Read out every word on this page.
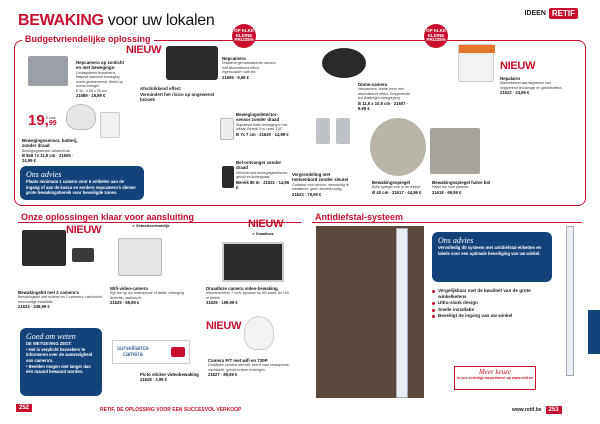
BEWAKING voor uw lokalen	IDEEN RETIF
Budgetvriendelijke oplossing
OP ELKE
KLEINE
PRIJZEN
OP ELKE
KLEINE
PRIJZEN
Nepcamera op zonlicht en met bewegings-
Lichtsysteem ledcamera, flitspunt wanneer beweging wordt gedetecteerd. Werkt op zonne-energie.
€ 32,- x 60 x 25 cm
21589 · 19,99 €
NIEUW
19,99
€ stuk
Bewegingssensor, batterij, zonder draad
Bewegingssensor ultralicht ab.
B 8x8 7x 11,8 cm · 21605 · 24,99 €
Afschrikkend effect
Vermindert het risico op ongewenst bezoek
Nepcamera
Draaiend gemotoriseerde camera met afschrikkend effect, ingebouwde rode led.
21606 · 9,99 €
Bewegingsdetector-sensor zonder draad
Signaleert ieder beweging in het lokaal. Bereik 9 m, hoek 110°.
B 7x 7 cm · 21620 · 14,99 €
Bel-ontvanger zonder draad
Verbindt met bewegingsdetector; geluid en lichtsignaal.
Bereik 80 m · 21621 · 14,99 €
Dome-camera
Nepcamera, ronde vorm met afschrikkend effect. Knipperende led (batterijen inbegrepen).
B 11,5 x 10,5 cm · 21607 · 9,99 €
Vergrendeling met toetsenbord zonder sleutel
Codeslot voor deuren, eenvoudig te installeren, geen sleutels nodig.
21623 · 79,99 €
Bewakingsspiegel
Bolle spiegel voor in de winkel.
Ø 40 cm · 21617 · 44,99 €
Bewakingsspiegel halve bol
Halve bol voor plafond.
21618 · 69,99 €
NIEUW
Nepalarm
Afschrikkend alarmsysteem met knipperend led-lampje en geluidseffect.
21622 · 24,99 €
Ons advies
Plaats minimum 1 camera voor 6 artikelen aan de ingang of aan de kassa en eerdere nepcamera's dienen grote bewakingsbereik voor beveiligde zones.
Onze oplossingen klaar voor aansluiting
NIEUW
Bewakingskit met 2 camera's
Bewakingsset met scherm en 2 camera's, nachtzicht, eenvoudige installatie.
21624 · 249,99 €
✔ Gebruiksvriendelijk
Wifi-video-camera
Kijk live op uw smartphone of tablet, beweging detectie, nachtzicht.
21625 · 69,99 €
NIEUW
✔ Draadloos
Draadloze camera video-bewaking
Kleurenscherm 7 inch, opname op SD-kaart, tot 100 m bereik.
21626 · 199,99 €
NIEUW
Camera P/T met wifi en 720P
Draaibare camera met wifi, beeld naar smartphone, nachtzicht, geluid in twee richtingen.
21627 · 89,99 €
surveillance
caméra
Picto sticker videobewaking
21628 · 2,99 €
Goed om weten
DE WETGEVING ZEGT:
• Het is verplicht bezoekers te informeren over de aanwezigheid van camera's.
• Beelden mogen niet langer dan één maand bewaard worden.
Antidiefstal-systeem
Ons advies
Vervolledig dit systeem met antidiefstal-etiketten en labels voor een optimale beveiliging van uw winkel.
Vergelijkbaar met de kwaliteit van de grote winkelketens
Ultra-slank design
Snelle installatie
Beveiligt de ingang van uw winkel
Meer keuze
in ons volledige assortiment op www.retif.be
252	RETIF, DE OPLOSSING VOOR EEN SUCCESVOL VERKOOP	www.retif.be	253
